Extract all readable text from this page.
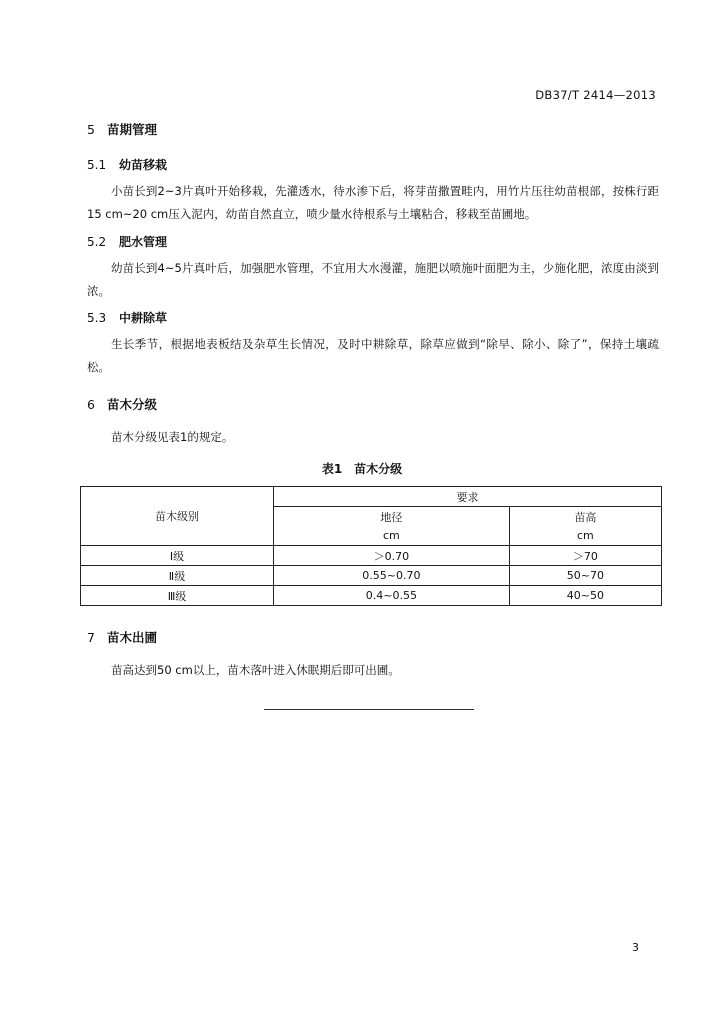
DB37/T 2414—2013
5 苗期管理
5.1 幼苗移栽
小苗长到2~3片真叶开始移栽，先灌透水，待水渗下后，将芽苗撒置畦内，用竹片压往幼苗根部，按株行距15 cm~20 cm压入泥内，幼苗自然直立，喷少量水待根系与土壤粘合，移栽至苗圃地。
5.2 肥水管理
幼苗长到4~5片真叶后，加强肥水管理，不宜用大水漫灌，施肥以喷施叶面肥为主，少施化肥，浓度由淡到浓。
5.3 中耕除草
生长季节，根据地表板结及杂草生长情况，及时中耕除草，除草应做到“除早、除小、除了”，保持土壤疏松。
6 苗木分级
苗木分级见表1的规定。
表1　苗木分级
苗木级别	要求	
	地径	苗高
	cm	cm
Ⅰ级	＞0.70	＞70
Ⅱ级	0.55~0.70	50~70
Ⅲ级	0.4~0.55	40~50
7 苗木出圃
苗高达到50 cm以上，苗木落叶进入休眠期后即可出圃。
3
